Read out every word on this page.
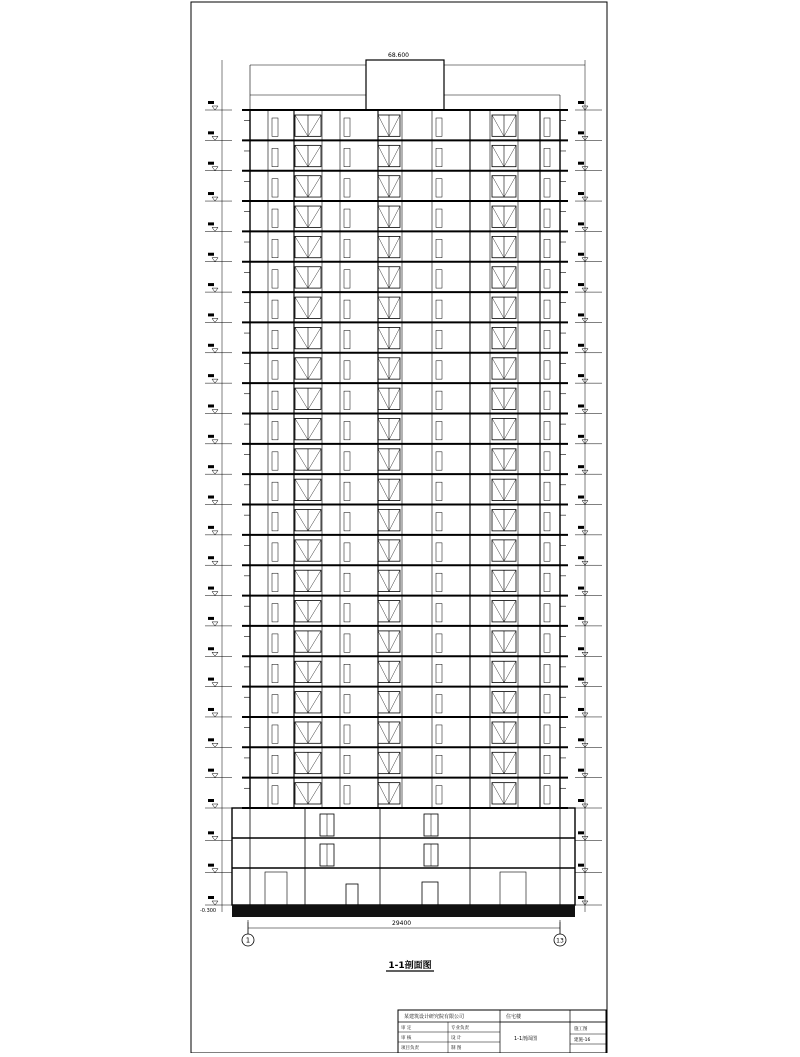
68.600
-0.300
29400
1	13
1-1剖面图
某建筑设计研究院有限公司	住宅楼
1-1剖面图
施工图
建施-16
审 定
审 核
项目负责
专业负责
设 计
制 图
